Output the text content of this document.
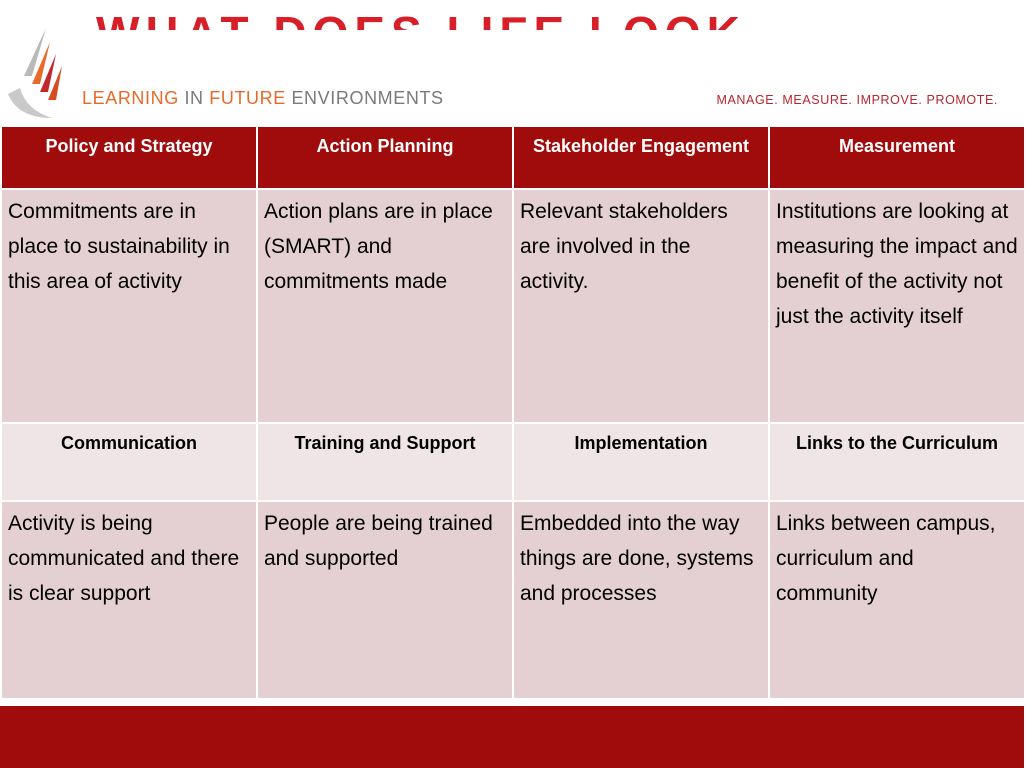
LEARNING IN FUTURE ENVIRONMENTS	MANAGE. MEASURE. IMPROVE. PROMOTE.
Policy and Strategy	Action Planning	Stakeholder Engagement	Measurement
Commitments are in place to sustainability in this area of activity	Action plans are in place (SMART) and commitments made	Relevant stakeholders are involved in the activity.	Institutions are looking at measuring the impact and benefit of the activity not just the activity itself
Communication	Training and Support	Implementation	Links to the Curriculum
Activity is being communicated and there is clear support	People are being trained and supported	Embedded into the way things are done, systems and processes	Links between campus, curriculum and community
